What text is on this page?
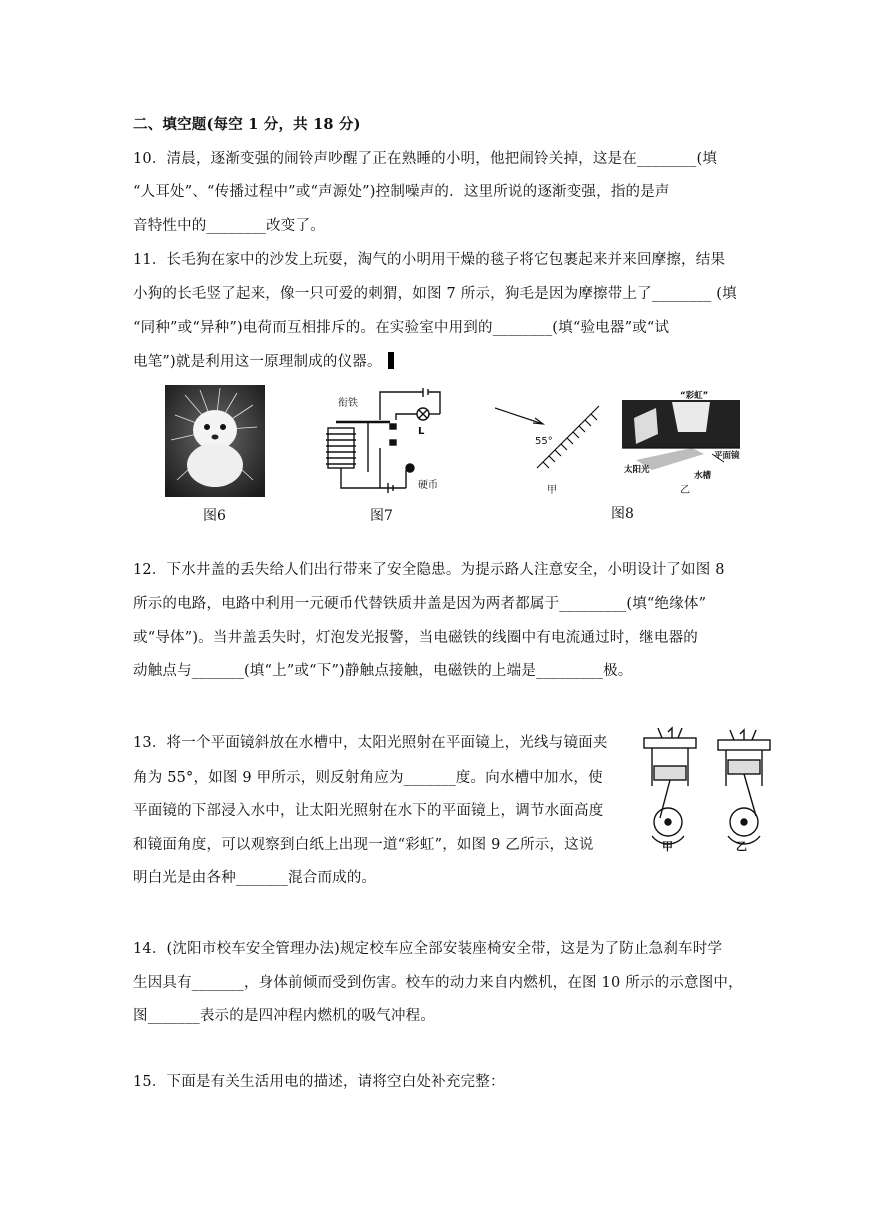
二、填空题(每空 1 分，共 18 分)
10．清晨，逐渐变强的闹铃声吵醒了正在熟睡的小明，他把闹铃关掉，这是在________(填
“人耳处”、“传播过程中”或“声源处”)控制噪声的．这里所说的逐渐变强，指的是声
音特性中的________改变了。
11．长毛狗在家中的沙发上玩耍，淘气的小明用干燥的毯子将它包裹起来并来回摩擦，结果
小狗的长毛竖了起来，像一只可爱的刺猬，如图 7 所示，狗毛是因为摩擦带上了________ (填
“同种”或“异种”)电荷而互相排斥的。在实验室中用到的________(填“验电器”或“试
电笔”)就是利用这一原理制成的仪器。
图6
衔铁
L
硬币
图7
55°
甲
“彩虹”
太阳光
水槽
平面镜
乙
图8
12．下水井盖的丢失给人们出行带来了安全隐患。为提示路人注意安全，小明设计了如图 8
所示的电路，电路中利用一元硬币代替铁质井盖是因为两者都属于_________(填“绝缘体”
或“导体”)。当井盖丢失时，灯泡发光报警，当电磁铁的线圈中有电流通过时，继电器的
动触点与_______(填“上”或“下”)静触点接触，电磁铁的上端是_________极。
13．将一个平面镜斜放在水槽中，太阳光照射在平面镜上，光线与镜面夹
角为 55°，如图 9 甲所示，则反射角应为_______度。向水槽中加水，使
平面镜的下部浸入水中，让太阳光照射在水下的平面镜上，调节水面高度
和镜面角度，可以观察到白纸上出现一道“彩虹”，如图 9 乙所示，这说
明白光是由各种_______混合而成的。
甲	乙
14．(沈阳市校车安全管理办法)规定校车应全部安装座椅安全带，这是为了防止急刹车时学
生因具有_______，身体前倾而受到伤害。校车的动力来自内燃机，在图 10 所示的示意图中，
图_______表示的是四冲程内燃机的吸气冲程。
15．下面是有关生活用电的描述，请将空白处补充完整：
